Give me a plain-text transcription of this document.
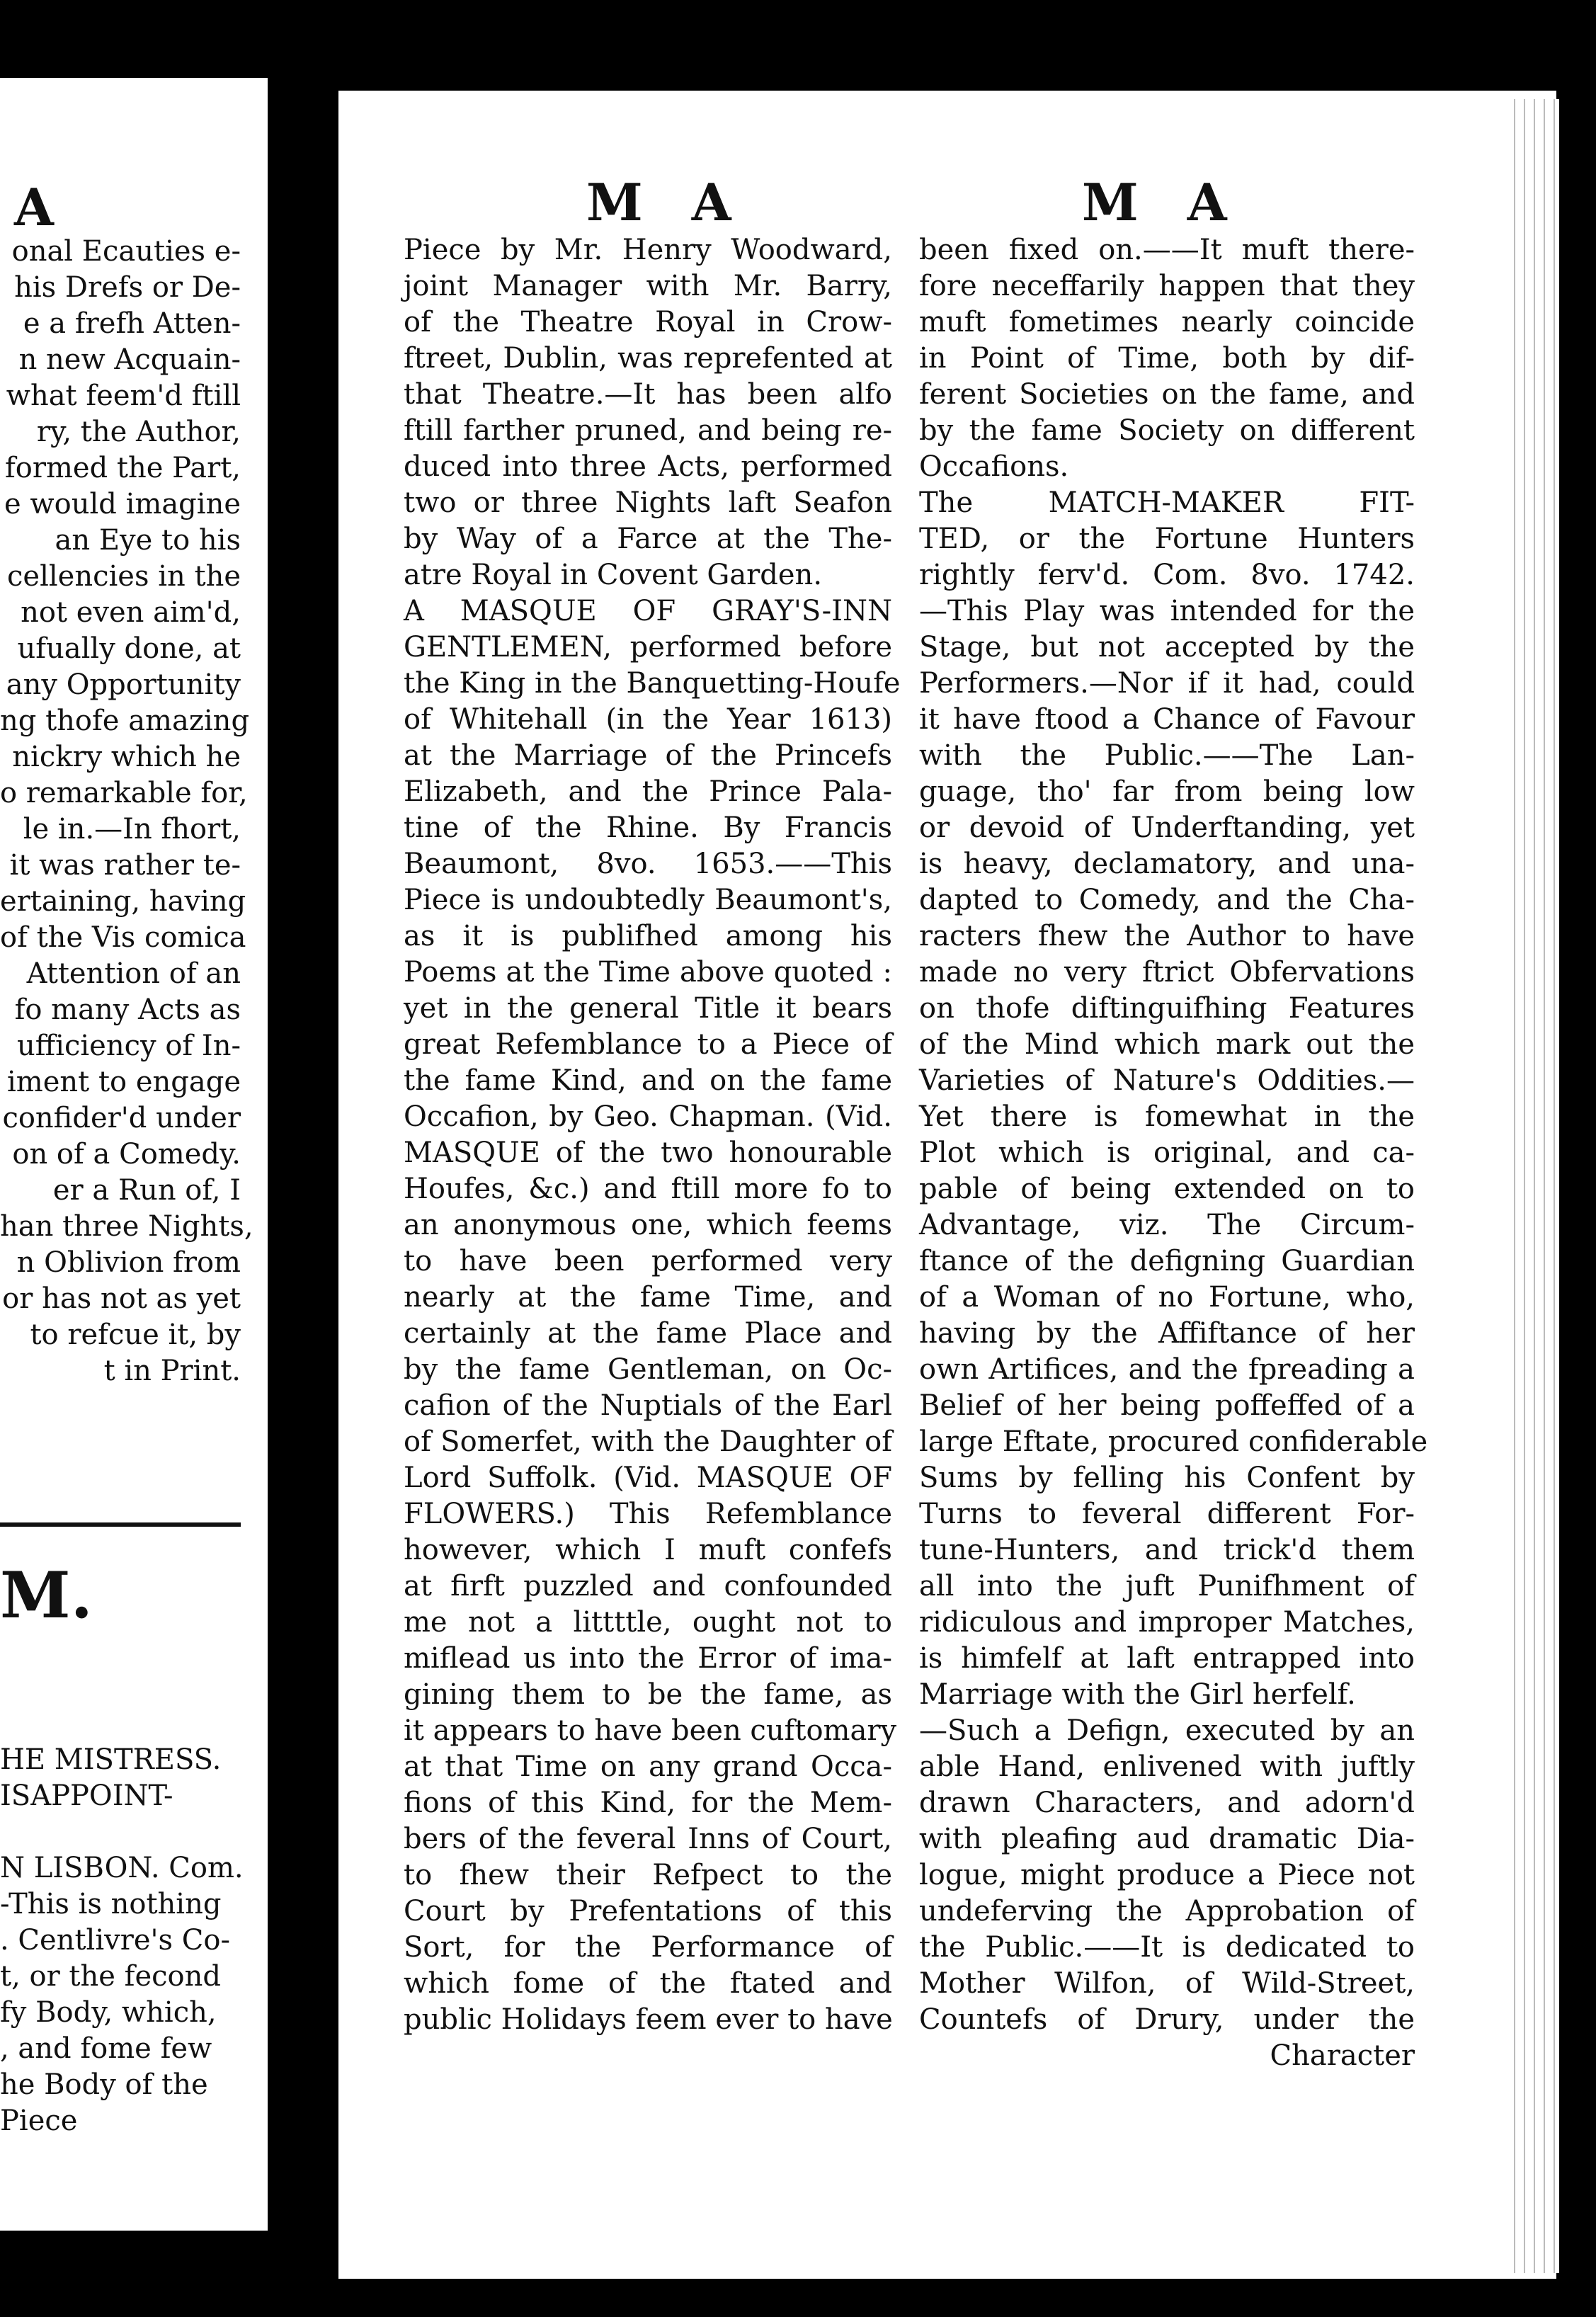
A
onal Ecauties e-
his Drefs or De-
e a frefh Atten-
n new Acquain-
what feem'd ftill
ry, the Author,
formed the Part,
e would imagine
an Eye to his
cellencies in the
not even aim'd,
ufually done, at
any Opportunity
ng thofe amazing
nickry which he
o remarkable for,
le in.—In fhort,
it was rather te-
ertaining, having
of the Vis comica
Attention of an
fo many Acts as
ufficiency of In-
iment to engage
confider'd under
on of a Comedy.
er a Run of, I
han three Nights,
n Oblivion from
or has not as yet
to refcue it, by
t in Print.
M.
HE MISTRESS.
ISAPPOINT-
N LISBON. Com.
-This is nothing
. Centlivre's Co-
t, or the fecond
fy Body, which,
, and fome few
he Body of the
Piece
M A	M A
Piece by Mr. Henry Woodward,
joint Manager with Mr. Barry,
of the Theatre Royal in Crow-
ftreet, Dublin, was reprefented at
that Theatre.—It has been alfo
ftill farther pruned, and being re-
duced into three Acts, performed
two or three Nights laft Seafon
by Way of a Farce at the The-
atre Royal in Covent Garden.
A MASQUE OF GRAY'S-INN
GENTLEMEN, performed before
the King in the Banquetting-Houfe
of Whitehall (in the Year 1613)
at the Marriage of the Princefs
Elizabeth, and the Prince Pala-
tine of the Rhine. By Francis
Beaumont, 8vo. 1653.——This
Piece is undoubtedly Beaumont's,
as it is publifhed among his
Poems at the Time above quoted :
yet in the general Title it bears
great Refemblance to a Piece of
the fame Kind, and on the fame
Occafion, by Geo. Chapman. (Vid.
MASQUE of the two honourable
Houfes, &c.) and ftill more fo to
an anonymous one, which feems
to have been performed very
nearly at the fame Time, and
certainly at the fame Place and
by the fame Gentleman, on Oc-
cafion of the Nuptials of the Earl
of Somerfet, with the Daughter of
Lord Suffolk. (Vid. MASQUE OF
FLOWERS.) This Refemblance
however, which I muft confefs
at firft puzzled and confounded
me not a littttle, ought not to
miflead us into the Error of ima-
gining them to be the fame, as
it appears to have been cuftomary
at that Time on any grand Occa-
fions of this Kind, for the Mem-
bers of the feveral Inns of Court,
to fhew their Refpect to the
Court by Prefentations of this
Sort, for the Performance of
which fome of the ftated and
public Holidays feem ever to have
been fixed on.——It muft there-
fore neceffarily happen that they
muft fometimes nearly coincide
in Point of Time, both by dif-
ferent Societies on the fame, and
by the fame Society on different
Occafions.
The MATCH-MAKER FIT-
TED, or the Fortune Hunters
rightly ferv'd. Com. 8vo. 1742.
—This Play was intended for the
Stage, but not accepted by the
Performers.—Nor if it had, could
it have ftood a Chance of Favour
with the Public.——The Lan-
guage, tho' far from being low
or devoid of Underftanding, yet
is heavy, declamatory, and una-
dapted to Comedy, and the Cha-
racters fhew the Author to have
made no very ftrict Obfervations
on thofe diftinguifhing Features
of the Mind which mark out the
Varieties of Nature's Oddities.—
Yet there is fomewhat in the
Plot which is original, and ca-
pable of being extended on to
Advantage, viz. The Circum-
ftance of the defigning Guardian
of a Woman of no Fortune, who,
having by the Affiftance of her
own Artifices, and the fpreading a
Belief of her being poffeffed of a
large Eftate, procured confiderable
Sums by felling his Confent by
Turns to feveral different For-
tune-Hunters, and trick'd them
all into the juft Punifhment of
ridiculous and improper Matches,
is himfelf at laft entrapped into
Marriage with the Girl herfelf.
—Such a Defign, executed by an
able Hand, enlivened with juftly
drawn Characters, and adorn'd
with pleafing aud dramatic Dia-
logue, might produce a Piece not
undeferving the Approbation of
the Public.——It is dedicated to
Mother Wilfon, of Wild-Street,
Countefs of Drury, under the
Character
